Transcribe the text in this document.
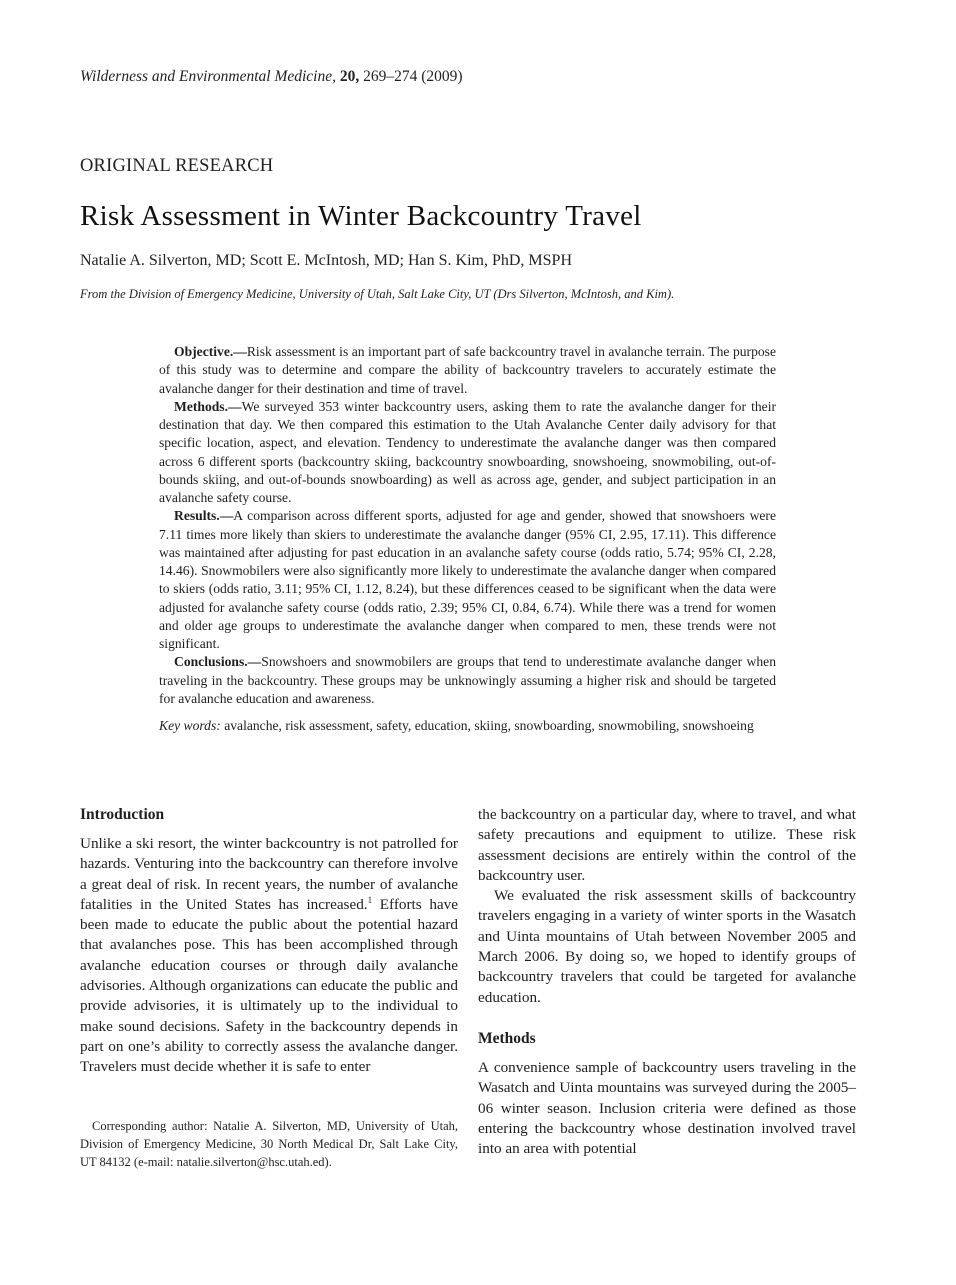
Wilderness and Environmental Medicine, 20, 269–274 (2009)
ORIGINAL RESEARCH
Risk Assessment in Winter Backcountry Travel
Natalie A. Silverton, MD; Scott E. McIntosh, MD; Han S. Kim, PhD, MSPH
From the Division of Emergency Medicine, University of Utah, Salt Lake City, UT (Drs Silverton, McIntosh, and Kim).

Objective.—Risk assessment is an important part of safe backcountry travel in avalanche terrain. The purpose of this study was to determine and compare the ability of backcountry travelers to accurately estimate the avalanche danger for their destination and time of travel.

Methods.—We surveyed 353 winter backcountry users, asking them to rate the avalanche danger for their destination that day. We then compared this estimation to the Utah Avalanche Center daily advisory for that specific location, aspect, and elevation. Tendency to underestimate the avalanche danger was then compared across 6 different sports (backcountry skiing, backcountry snowboarding, snowshoeing, snowmobiling, out-of-bounds skiing, and out-of-bounds snowboarding) as well as across age, gender, and subject participation in an avalanche safety course.

Results.—A comparison across different sports, adjusted for age and gender, showed that snowshoers were 7.11 times more likely than skiers to underestimate the avalanche danger (95% CI, 2.95, 17.11). This difference was maintained after adjusting for past education in an avalanche safety course (odds ratio, 5.74; 95% CI, 2.28, 14.46). Snowmobilers were also significantly more likely to underestimate the avalanche danger when compared to skiers (odds ratio, 3.11; 95% CI, 1.12, 8.24), but these differences ceased to be significant when the data were adjusted for avalanche safety course (odds ratio, 2.39; 95% CI, 0.84, 6.74). While there was a trend for women and older age groups to underestimate the avalanche danger when compared to men, these trends were not significant.

Conclusions.—Snowshoers and snowmobilers are groups that tend to underestimate avalanche danger when traveling in the backcountry. These groups may be unknowingly assuming a higher risk and should be targeted for avalanche education and awareness.

Key words: avalanche, risk assessment, safety, education, skiing, snowboarding, snowmobiling, snowshoeing

Introduction

Unlike a ski resort, the winter backcountry is not patrolled for hazards. Venturing into the backcountry can therefore involve a great deal of risk. In recent years, the number of avalanche fatalities in the United States has increased.$^1$ Efforts have been made to educate the public about the potential hazard that avalanches pose. This has been accomplished through avalanche education courses or through daily avalanche advisories. Although organizations can educate the public and provide advisories, it is ultimately up to the individual to make sound decisions. Safety in the backcountry depends in part on one’s ability to correctly assess the avalanche danger. Travelers must decide whether it is safe to enter

Corresponding author: Natalie A. Silverton, MD, University of Utah, Division of Emergency Medicine, 30 North Medical Dr, Salt Lake City, UT 84132 (e-mail: natalie.silverton@hsc.utah.ed).

the backcountry on a particular day, where to travel, and what safety precautions and equipment to utilize. These risk assessment decisions are entirely within the control of the backcountry user.

We evaluated the risk assessment skills of backcountry travelers engaging in a variety of winter sports in the Wasatch and Uinta mountains of Utah between November 2005 and March 2006. By doing so, we hoped to identify groups of backcountry travelers that could be targeted for avalanche education.

Methods

A convenience sample of backcountry users traveling in the Wasatch and Uinta mountains was surveyed during the 2005–06 winter season. Inclusion criteria were defined as those entering the backcountry whose destination involved travel into an area with potential
